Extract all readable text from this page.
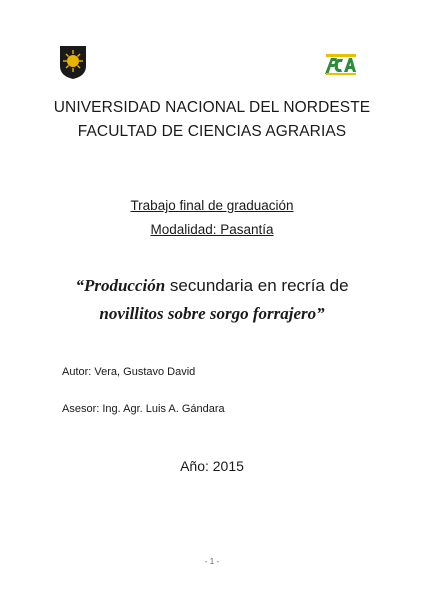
UNIVERSIDAD NACIONAL DEL NORDESTE
FACULTAD DE CIENCIAS AGRARIAS
Trabajo final de graduación
Modalidad: Pasantía
“Producción secundaria en recría de
novillitos sobre sorgo forrajero”
Autor: Vera, Gustavo David
Asesor: Ing. Agr. Luis A. Gándara
Año: 2015
- 1 -
